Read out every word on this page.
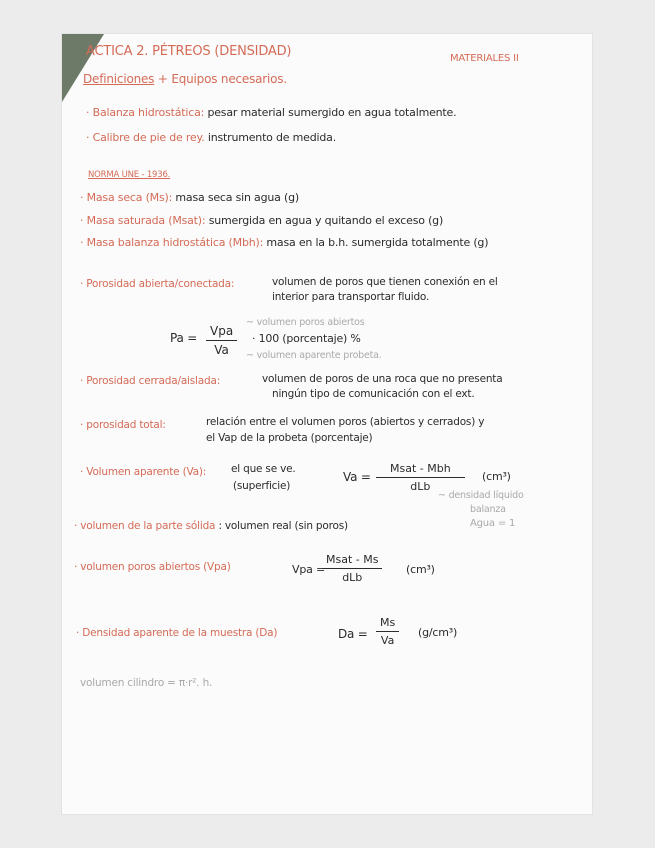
ACTICA 2. PÉTREOS (DENSIDAD)	MATERIALES II
Definiciones + Equipos necesarios.
· Balanza hidrostática: pesar material sumergido en agua totalmente.
· Calibre de pie de rey. instrumento de medida.
NORMA UNE - 1936.
· Masa seca (Ms): masa seca sin agua (g)
· Masa saturada (Msat): sumergida en agua y quitando el exceso (g)
· Masa balanza hidrostática (Mbh): masa en la b.h. sumergida totalmente (g)
· Porosidad abierta/conectada:	volumen de poros que tienen conexión en el
interior para transportar fluido.
~ volumen poros abiertos
Pa =	Vpa
Va
· 100 (porcentaje) %
~ volumen aparente probeta.
· Porosidad cerrada/aislada:	volumen de poros de una roca que no presenta
ningún tipo de comunicación con el ext.
· porosidad total:	relación entre el volumen poros (abiertos y cerrados) y
el Vap de la probeta (porcentaje)
· Volumen aparente (Va): el que se ve.
(superficie)
Va =
Msat - Mbh
dLb
(cm³)
~ densidad líquido
balanza
Agua = 1
· volumen de la parte sólida : volumen real (sin poros)
· volumen poros abiertos (Vpa)	Vpa =
Msat - Ms
dLb
(cm³)
· Densidad aparente de la muestra (Da)	Da =
Ms
Va
(g/cm³)
volumen cilindro = π·r². h.
